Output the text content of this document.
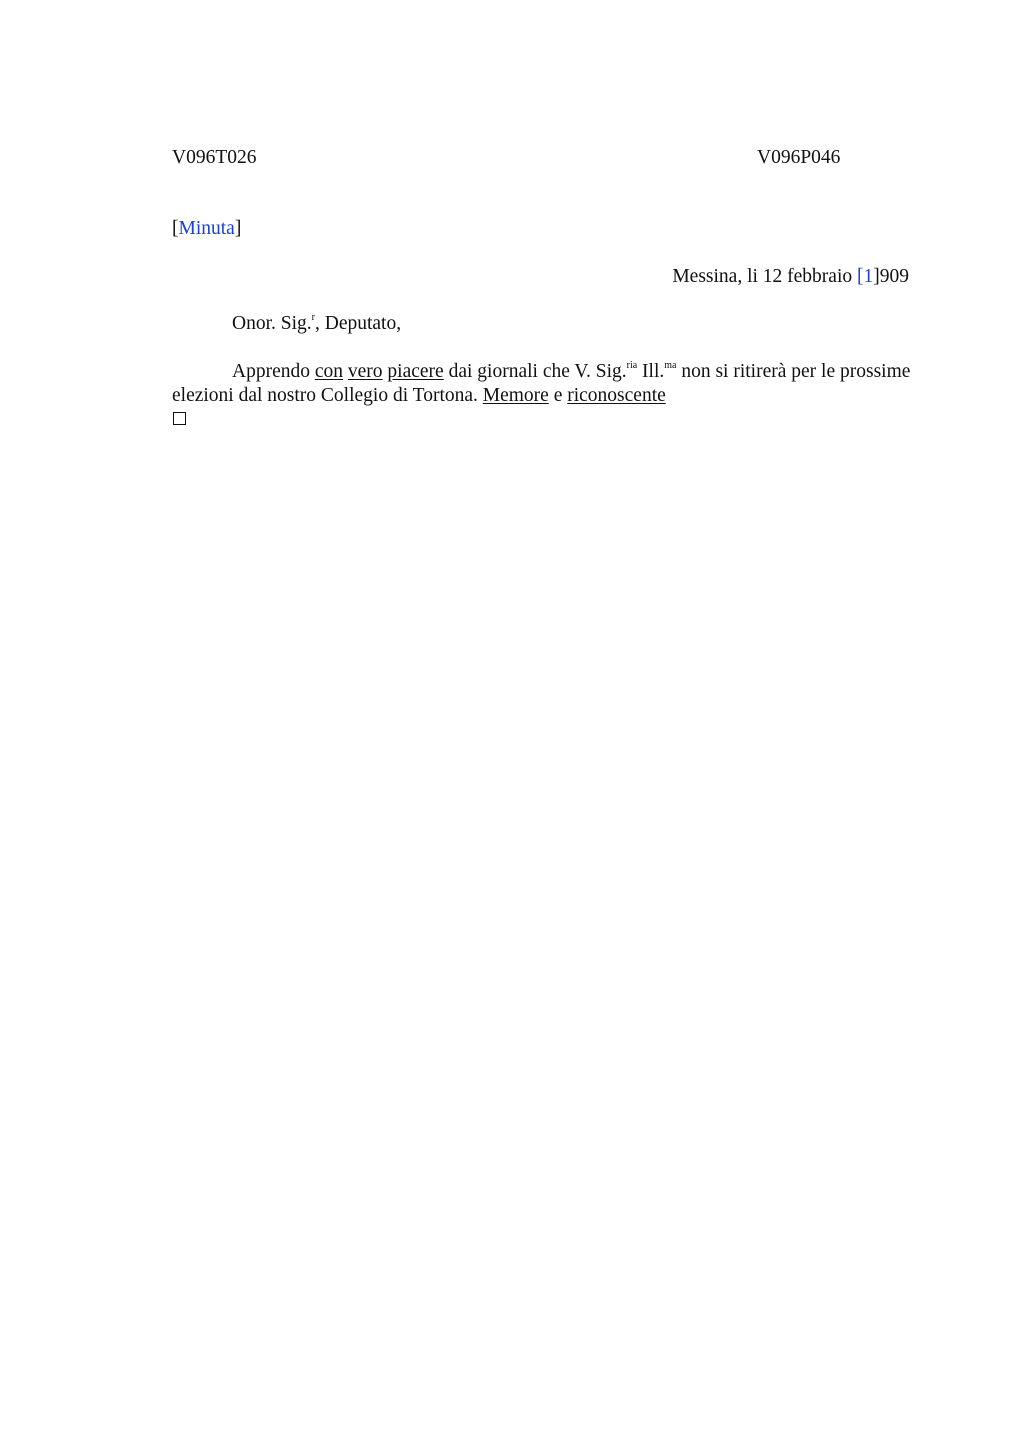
V096T026	V096P046
[Minuta]
Messina, li 12 febbraio [1]909
Onor. Sig.$^r$, Deputato,
Apprendo con vero piacere dai giornali che V. Sig.$^{ria}$ Ill.$^{ma}$ non si ritirerà per le prossime elezioni dal nostro Collegio di Tortona. Memore e riconoscente
